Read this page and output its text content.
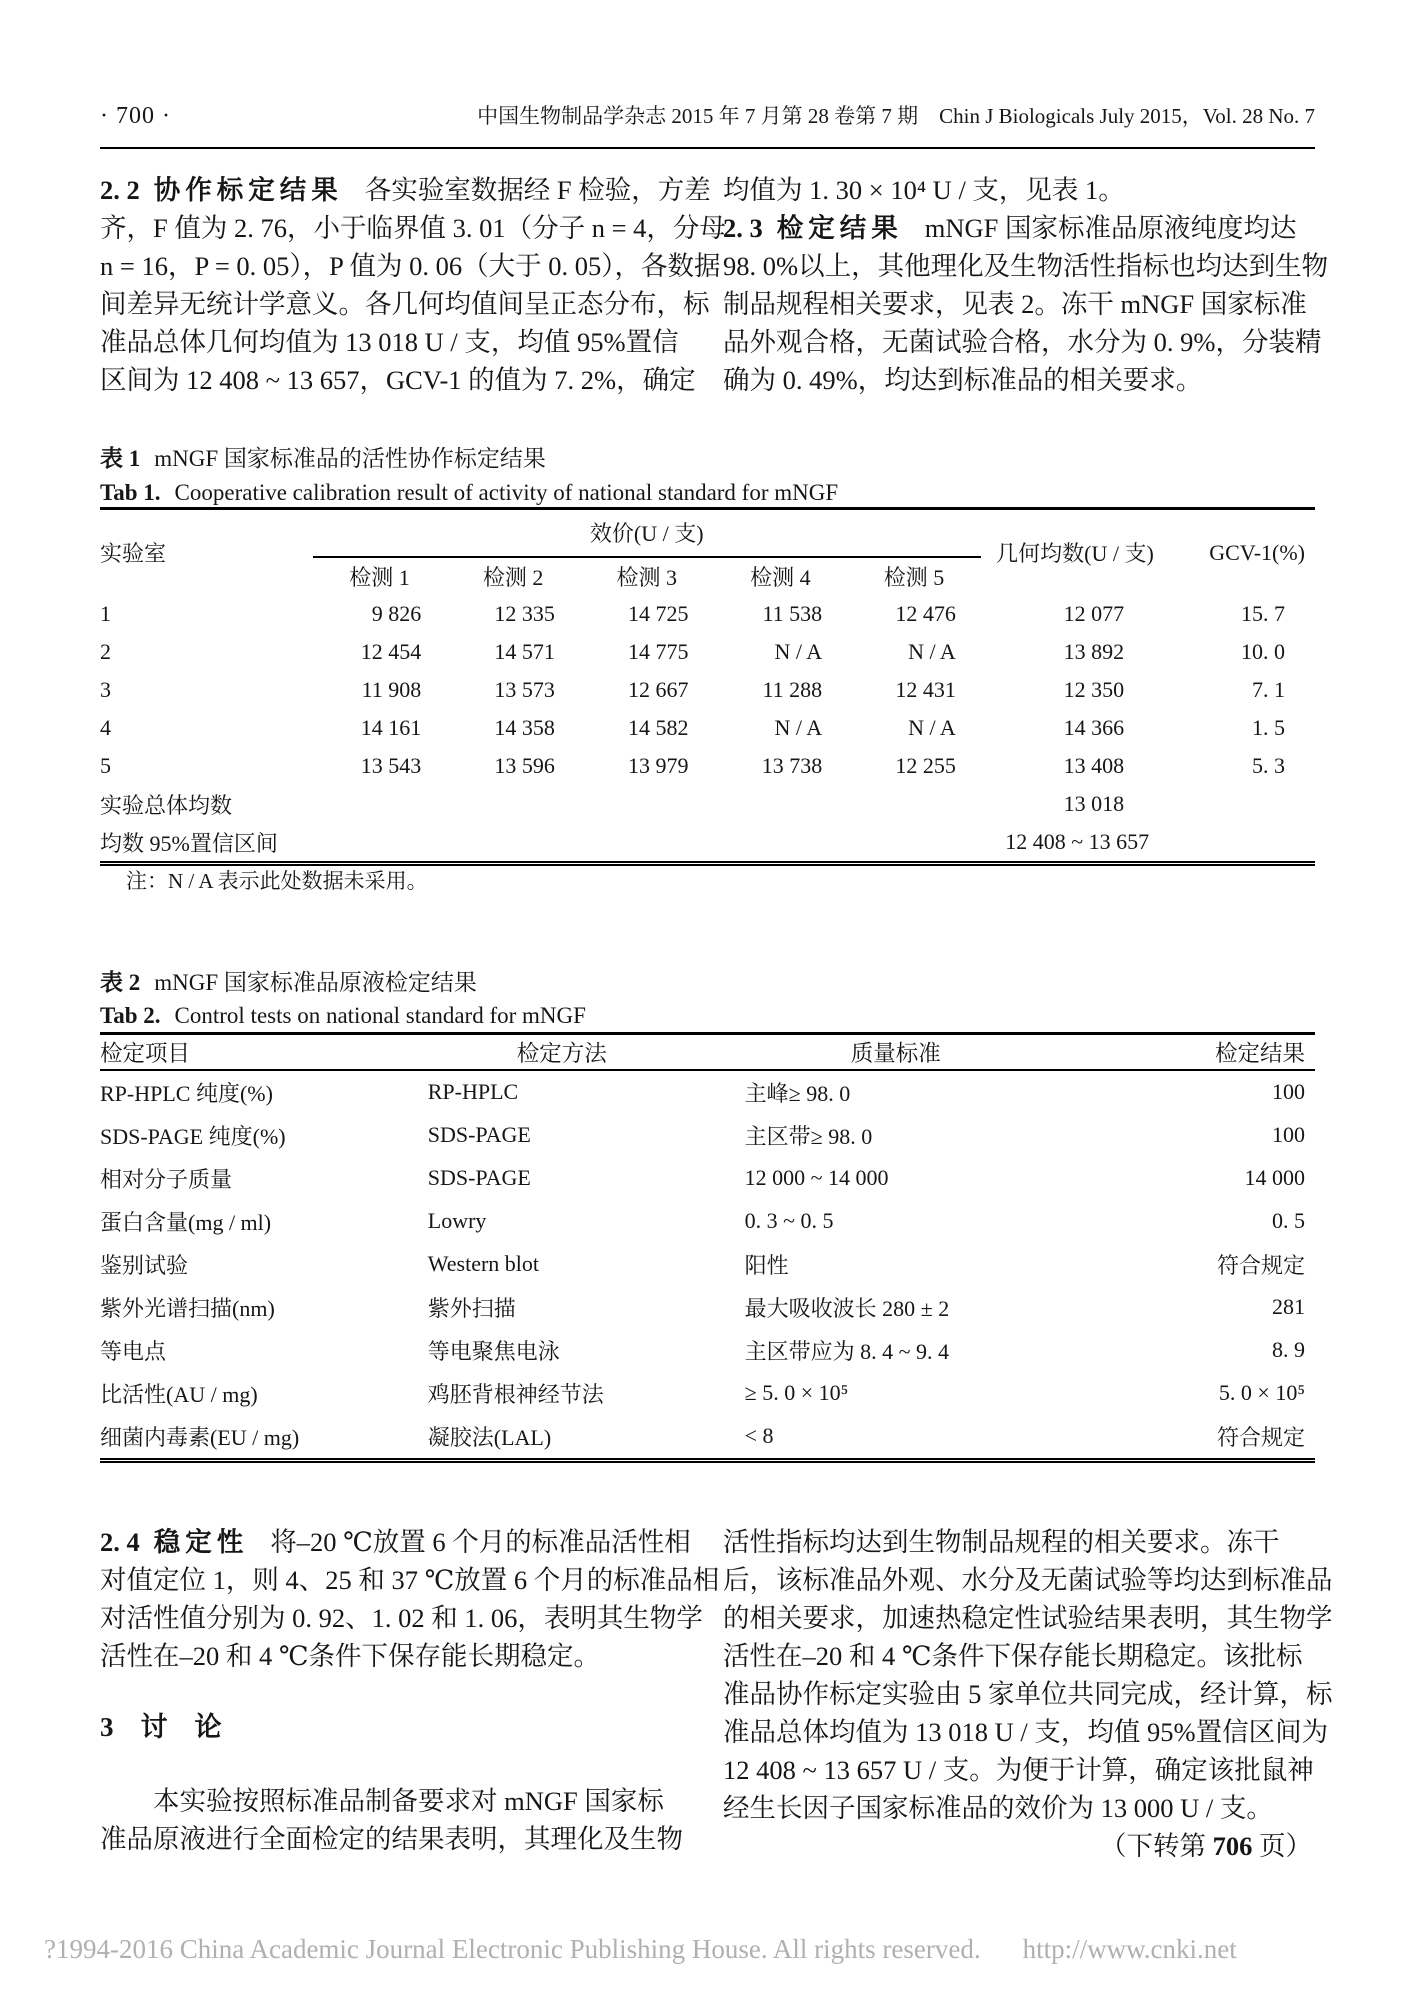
· 700 ·	中国生物制品学杂志 2015 年 7 月第 28 卷第 7 期　Chin J Biologicals July 2015，Vol. 28 No. 7
2. 2 协作标定结果 各实验室数据经 F 检验，方差
齐，F 值为 2. 76，小于临界值 3. 01（分子 n = 4，分母
n = 16，P = 0. 05），P 值为 0. 06（大于 0. 05），各数据
间差异无统计学意义。各几何均值间呈正态分布，标
准品总体几何均值为 13 018 U / 支，均值 95%置信
区间为 12 408 ~ 13 657，GCV-1 的值为 7. 2%，确定
均值为 1. 30 × 10⁴ U / 支，见表 1。
2. 3 检定结果 mNGF 国家标准品原液纯度均达
98. 0%以上，其他理化及生物活性指标也均达到生物
制品规程相关要求，见表 2。冻干 mNGF 国家标准
品外观合格，无菌试验合格，水分为 0. 9%，分装精
确为 0. 49%，均达到标准品的相关要求。
表 1 mNGF 国家标准品的活性协作标定结果
Tab 1. Cooperative calibration result of activity of national standard for mNGF
实验室	效价(U / 支)					几何均数(U / 支)	GCV-1(%)
	检测 1	检测 2	检测 3	检测 4	检测 5		
1	9 826	12 335	14 725	11 538	12 476	12 077	15. 7
2	12 454	14 571	14 775	N / A	N / A	13 892	10. 0
3	11 908	13 573	12 667	11 288	12 431	12 350	7. 1
4	14 161	14 358	14 582	N / A	N / A	14 366	1. 5
5	13 543	13 596	13 979	13 738	12 255	13 408	5. 3
实验总体均数						13 018	
均数 95%置信区间						12 408 ~ 13 657	
注：N / A 表示此处数据未采用。
表 2 mNGF 国家标准品原液检定结果
Tab 2. Control tests on national standard for mNGF
检定项目	检定方法	质量标准	检定结果
RP-HPLC 纯度(%)	RP-HPLC	主峰≥ 98. 0	100
SDS-PAGE 纯度(%)	SDS-PAGE	主区带≥ 98. 0	100
相对分子质量	SDS-PAGE	12 000 ~ 14 000	14 000
蛋白含量(mg / ml)	Lowry	0. 3 ~ 0. 5	0. 5
鉴别试验	Western blot	阳性	符合规定
紫外光谱扫描(nm)	紫外扫描	最大吸收波长 280 ± 2	281
等电点	等电聚焦电泳	主区带应为 8. 4 ~ 9. 4	8. 9
比活性(AU / mg)	鸡胚背根神经节法	≥ 5. 0 × 10⁵	5. 0 × 10⁵
细菌内毒素(EU / mg)	凝胶法(LAL)	< 8	符合规定
2. 4 稳定性 将–20 ℃放置 6 个月的标准品活性相
对值定位 1，则 4、25 和 37 ℃放置 6 个月的标准品相
对活性值分别为 0. 92、1. 02 和 1. 06，表明其生物学
活性在–20 和 4 ℃条件下保存能长期稳定。
3　讨　论
　　本实验按照标准品制备要求对 mNGF 国家标
准品原液进行全面检定的结果表明，其理化及生物
活性指标均达到生物制品规程的相关要求。冻干
后，该标准品外观、水分及无菌试验等均达到标准品
的相关要求，加速热稳定性试验结果表明，其生物学
活性在–20 和 4 ℃条件下保存能长期稳定。该批标
准品协作标定实验由 5 家单位共同完成，经计算，标
准品总体均值为 13 018 U / 支，均值 95%置信区间为
12 408 ~ 13 657 U / 支。为便于计算，确定该批鼠神
经生长因子国家标准品的效价为 13 000 U / 支。
（下转第 706 页）
?1994-2016 China Academic Journal Electronic Publishing House. All rights reserved. http://www.cnki.net
